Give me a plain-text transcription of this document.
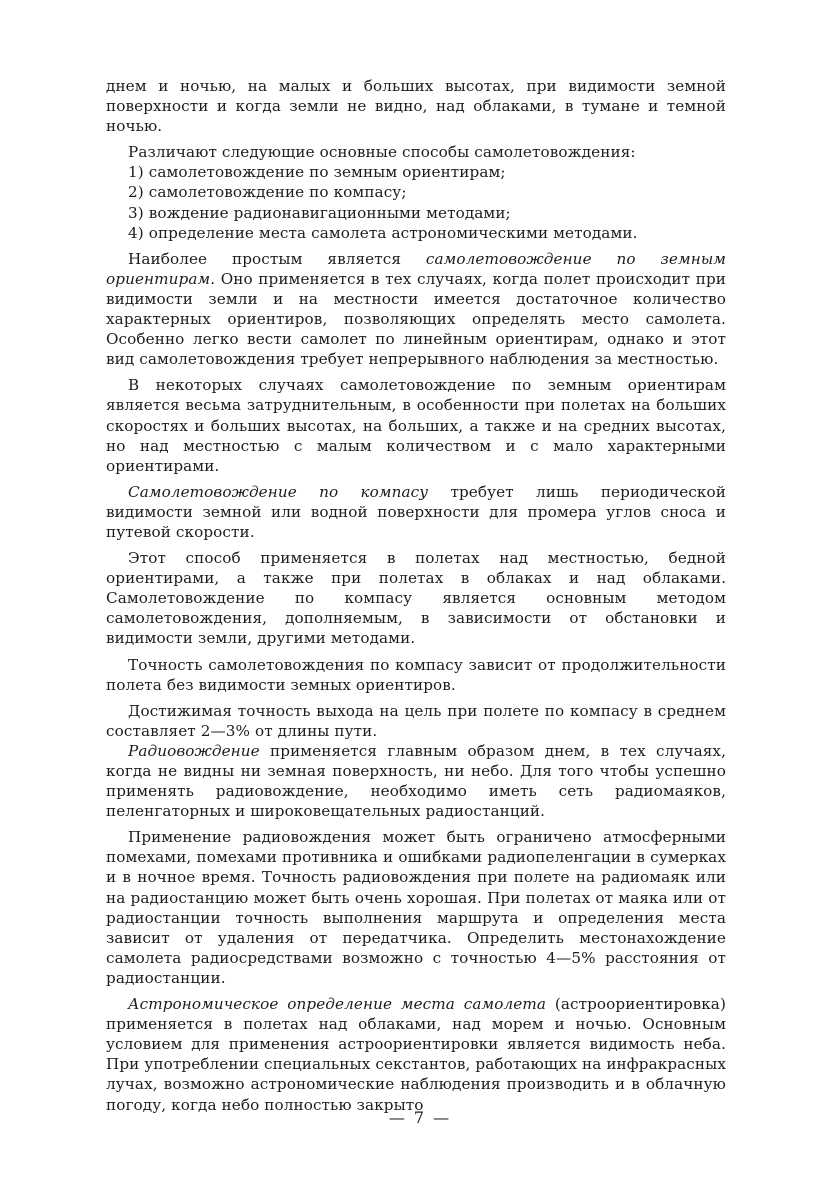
днем и ночью, на малых и больших высотах, при видимости земной поверхности и когда земли не видно, над облаками, в тумане и темной ночью.

Различают следующие основные способы самолетовождения:

1) самолетовождение по земным ориентирам;
2) самолетовождение по компасу;
3) вождение радионавигационными методами;
4) определение места самолета астрономическими методами.

Наиболее простым является самолетовождение по земным ориентирам. Оно применяется в тех случаях, когда полет происходит при видимости земли и на местности имеется достаточное количество характерных ориентиров, позволяющих определять место самолета. Особенно легко вести самолет по линейным ориентирам, однако и этот вид самолетовождения требует непрерывного наблюдения за местностью.

В некоторых случаях самолетовождение по земным ориентирам является весьма затруднительным, в особенности при полетах на больших скоростях и больших высотах, на больших, а также и на средних высотах, но над местностью с малым количеством и с мало характерными ориентирами.

Самолетовождение по компасу требует лишь периодической видимости земной или водной поверхности для промера углов сноса и путевой скорости.

Этот способ применяется в полетах над местностью, бедной ориентирами, а также при полетах в облаках и над облаками. Самолетовождение по компасу является основным методом самолетовождения, дополняемым, в зависимости от обстановки и видимости земли, другими методами.

Точность самолетовождения по компасу зависит от продолжительности полета без видимости земных ориентиров.

Достижимая точность выхода на цель при полете по компасу в среднем составляет 2—3% от длины пути.

Радиовождение применяется главным образом днем, в тех случаях, когда не видны ни земная поверхность, ни небо. Для того чтобы успешно применять радиовождение, необходимо иметь сеть радиомаяков, пеленгаторных и широковещательных радиостанций.

Применение радиовождения может быть ограничено атмосферными помехами, помехами противника и ошибками радиопеленгации в сумерках и в ночное время. Точность радиовождения при полете на радиомаяк или на радиостанцию может быть очень хорошая. При полетах от маяка или от радиостанции точность выполнения маршрута и определения места зависит от удаления от передатчика. Определить местонахождение самолета радиосредствами возможно с точностью 4—5% расстояния от радиостанции.

Астрономическое определение места самолета (астроориентировка) применяется в полетах над облаками, над морем и ночью. Основным условием для применения астроориентировки является видимость неба. При употреблении специальных секстантов, работающих на инфракрасных лучах, возможно астрономические наблюдения производить и в облачную погоду, когда небо полностью закрыто

— 7 —
